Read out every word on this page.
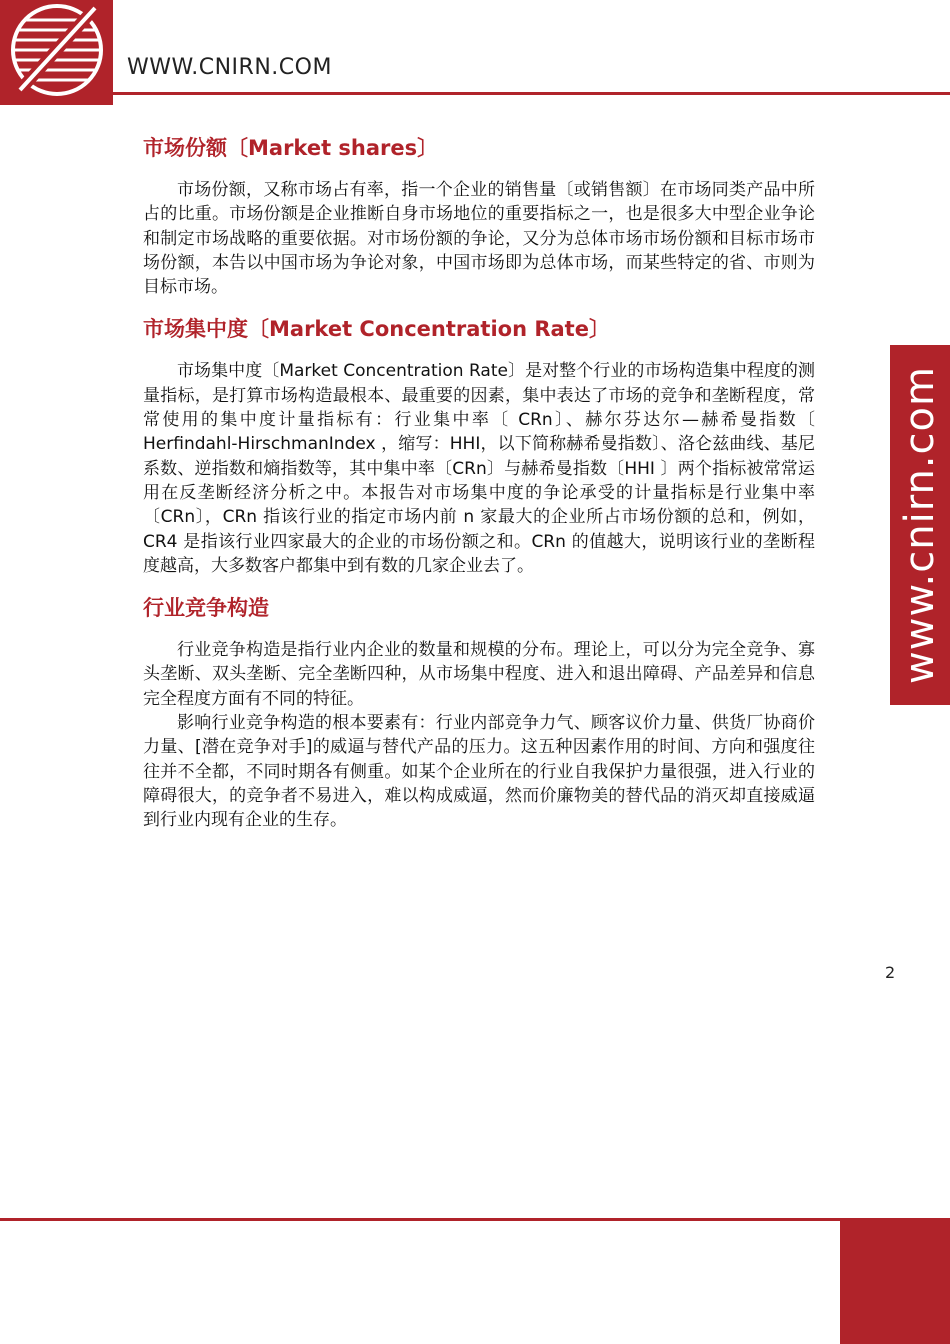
WWW.CNIRN.COM
www.cnirn.com
市场份额〔Market shares〕

市场份额，又称市场占有率，指一个企业的销售量〔或销售额〕在市场同类产品中所占的比重。市场份额是企业推断自身市场地位的重要指标之一，也是很多大中型企业争论和制定市场战略的重要依据。对市场份额的争论，又分为总体市场市场份额和目标市场市场份额，本告以中国市场为争论对象，中国市场即为总体市场，而某些特定的省、市则为目标市场。

市场集中度〔Market Concentration Rate〕

市场集中度〔Market Concentration Rate〕是对整个行业的市场构造集中程度的测量指标，是打算市场构造最根本、最重要的因素，集中表达了市场的竞争和垄断程度，常常使用的集中度计量指标有：行业集中率〔 CRn〕、赫尔芬达尔—赫希曼指数〔 Herfindahl-HirschmanIndex ，缩写：HHI，以下简称赫希曼指数〕、洛仑兹曲线、基尼系数、逆指数和熵指数等，其中集中率〔CRn〕与赫希曼指数〔HHI 〕两个指标被常常运用在反垄断经济分析之中。本报告对市场集中度的争论承受的计量指标是行业集中率〔CRn〕，CRn 指该行业的指定市场内前 n 家最大的企业所占市场份额的总和，例如，CR4 是指该行业四家最大的企业的市场份额之和。CRn 的值越大，说明该行业的垄断程度越高，大多数客户都集中到有数的几家企业去了。

行业竞争构造

行业竞争构造是指行业内企业的数量和规模的分布。理论上，可以分为完全竞争、寡头垄断、双头垄断、完全垄断四种，从市场集中程度、进入和退出障碍、产品差异和信息完全程度方面有不同的特征。

影响行业竞争构造的根本要素有：行业内部竞争力气、顾客议价力量、供货厂协商价力量、[潜在竞争对手]的威逼与替代产品的压力。这五种因素作用的时间、方向和强度往往并不全都，不同时期各有侧重。如某个企业所在的行业自我保护力量很强，进入行业的障碍很大，的竞争者不易进入，难以构成威逼，然而价廉物美的替代品的消灭却直接威逼到行业内现有企业的生存。

2
